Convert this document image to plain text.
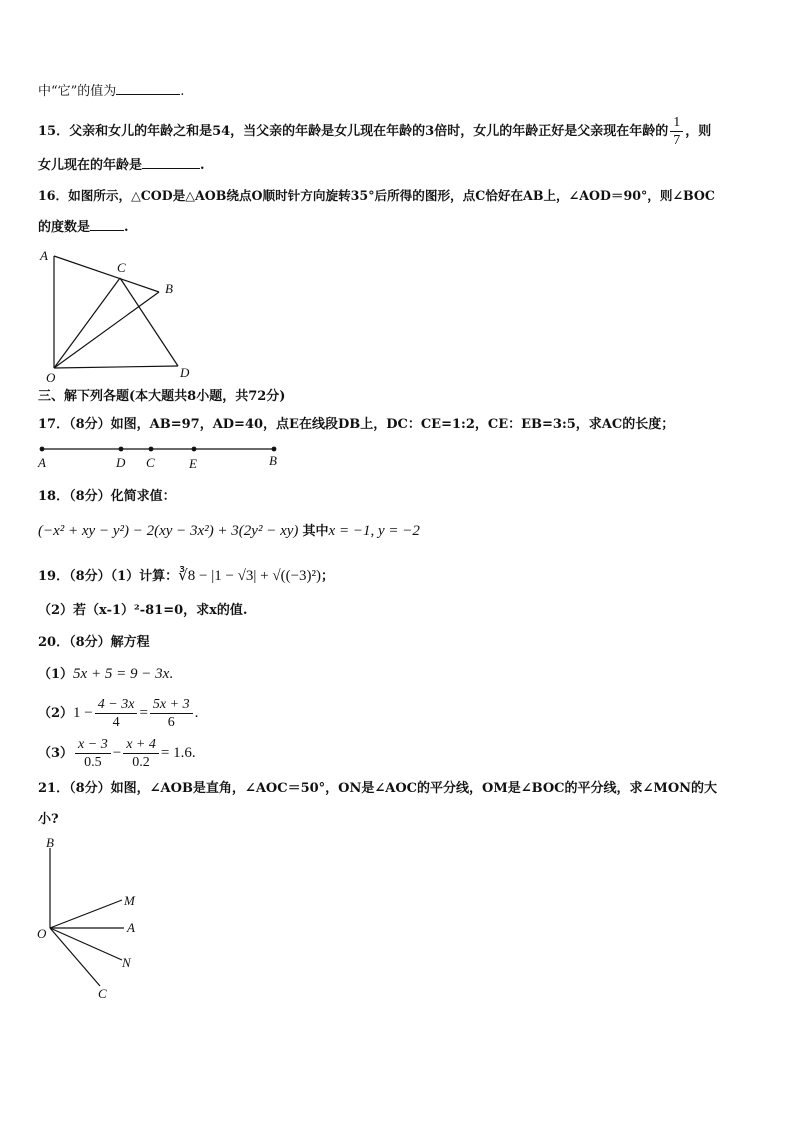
中“它”的值为	.
15．父亲和女儿的年龄之和是54，当父亲的年龄是女儿现在年龄的3倍时，女儿的年龄正好是父亲现在年龄的 $\frac{1}{7}$ ，则
女儿现在的年龄是	.
16．如图所示，△COD是△AOB绕点O顺时针方向旋转35°后所得的图形，点C恰好在AB上，∠AOD＝90°，则∠BOC
的度数是	.
A
C
B
O	D
三、解下列各题(本大题共8小题，共72分)
17．（8分）如图，AB=97，AD=40，点E在线段DB上，DC：CE=1:2，CE：EB=3:5，求AC的长度；
A	D C	E	B
18．（8分）化简求值：
(−x² + xy − y²) − 2(xy − 3x²) + 3(2y² − xy) 其中x = −1, y = −2
19．（8分）（1）计算：∛8 − |1 − √3| + √((−3)²)；
（2）若（x-1）²-81=0，求x的值.
20．（8分）解方程
（1）5x + 5 = 9 − 3x.
$(2)1 - \frac{4 - 3x}{4} = \frac{5x + 3}{6}$ .
$(3) \frac{x - 3}{0.5} - \frac{x + 4}{0.2} = 1.6$.
21．（8分）如图，∠AOB是直角，∠AOC＝50°，ON是∠AOC的平分线，OM是∠BOC的平分线，求∠MON的大
小?
B
M
O	A
N
C
